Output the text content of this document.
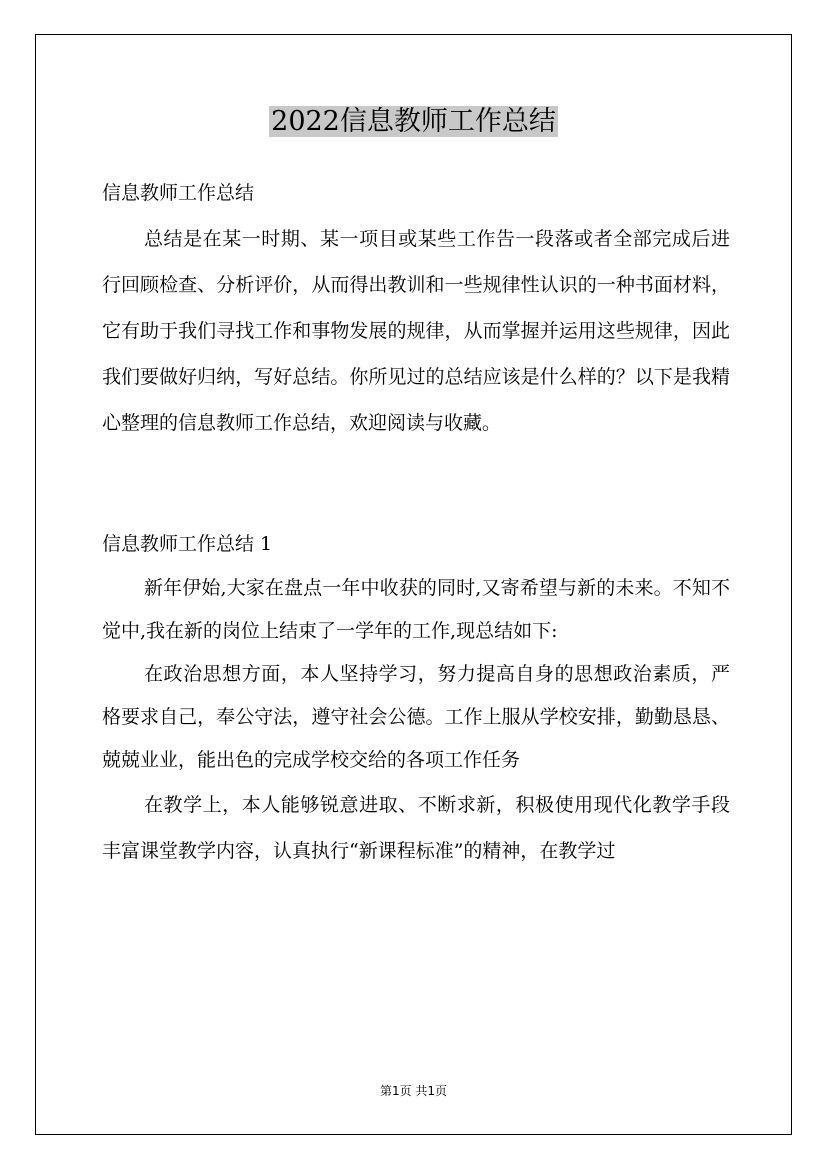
2022信息教师工作总结
信息教师工作总结

总结是在某一时期、某一项目或某些工作告一段落或者全部完成后进行回顾检查、分析评价，从而得出教训和一些规律性认识的一种书面材料，它有助于我们寻找工作和事物发展的规律，从而掌握并运用这些规律，因此我们要做好归纳，写好总结。你所见过的总结应该是什么样的？以下是我精心整理的信息教师工作总结，欢迎阅读与收藏。

信息教师工作总结 1

新年伊始,大家在盘点一年中收获的同时,又寄希望与新的未来。不知不觉中,我在新的岗位上结束了一学年的工作,现总结如下:

在政治思想方面，本人坚持学习，努力提高自身的思想政治素质，严格要求自己，奉公守法，遵守社会公德。工作上服从学校安排，勤勤恳恳、兢兢业业，能出色的完成学校交给的各项工作任务

在教学上，本人能够锐意进取、不断求新，积极使用现代化教学手段丰富课堂教学内容，认真执行“新课程标准”的精神，在教学过

第1页 共1页
